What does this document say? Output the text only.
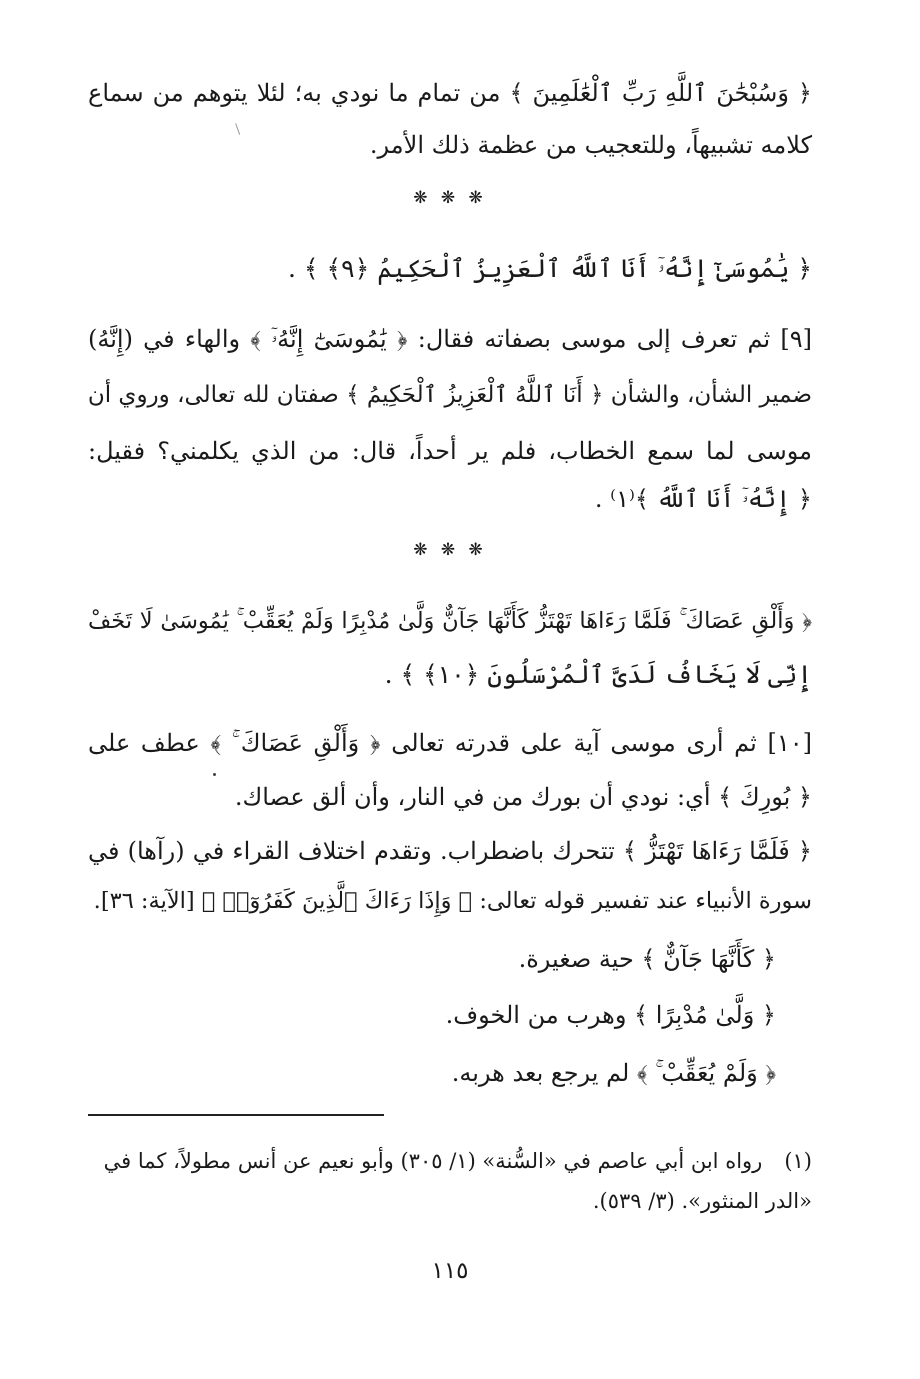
﴿ وَسُبْحَٰنَ ٱللَّهِ رَبِّ ٱلْعَٰلَمِينَ ﴾ من تمام ما نودي به؛ لئلا يتوهم من سماع
كلامه تشبيهاً، وللتعجيب من عظمة ذلك الأمر.
❋ ❋ ❋
﴿ يَٰمُوسَىٰٓ إِنَّهُۥٓ أَنَا ٱللَّهُ ٱلْعَزِيزُ ٱلْحَكِيمُ ﴿٩﴾ ﴾ .
[٩] ثم تعرف إلى موسى بصفاته فقال: ﴿ يَٰمُوسَىٰٓ إِنَّهُۥٓ ﴾ والهاء في (إِنَّهُ)
ضمير الشأن، والشأن ﴿ أَنَا ٱللَّهُ ٱلْعَزِيزُ ٱلْحَكِيمُ ﴾ صفتان لله تعالى، وروي أن
موسى لما سمع الخطاب، فلم ير أحداً، قال: من الذي يكلمني؟ فقيل:
﴿ إِنَّهُۥٓ أَنَا ٱللَّهُ ﴾⁽١⁾ .
❋ ❋ ❋
﴿ وَأَلْقِ عَصَاكَ ۚ فَلَمَّا رَءَاهَا تَهْتَزُّ كَأَنَّهَا جَآنٌّ وَلَّىٰ مُدْبِرًا وَلَمْ يُعَقِّبْ ۚ يَٰمُوسَىٰ لَا تَخَفْ
إِنِّى لَا يَخَافُ لَدَىَّ ٱلْمُرْسَلُونَ ﴿١٠﴾ ﴾ .
[١٠] ثم أرى موسى آية على قدرته تعالى ﴿ وَأَلْقِ عَصَاكَ ۚ ﴾ عطف على
﴿ بُورِكَ ﴾ أي: نودي أن بورك من في النار، وأن ألق عصاك.
﴿ فَلَمَّا رَءَاهَا تَهْتَزُّ ﴾ تتحرك باضطراب. وتقدم اختلاف القراء في (رآها) في
سورة الأنبياء عند تفسير قوله تعالى: ﴿ وَإِذَا رَءَاكَ ٱلَّذِينَ كَفَرُوٓا۟ ﴾ [الآية: ٣٦].
﴿ كَأَنَّهَا جَآنٌّ ﴾ حية صغيرة.
﴿ وَلَّىٰ مُدْبِرًا ﴾ وهرب من الخوف.
﴿ وَلَمْ يُعَقِّبْ ۚ ﴾ لم يرجع بعد هربه.
(١)رواه ابن أبي عاصم في «السُّنة» (١/ ٣٠٥) وأبو نعيم عن أنس مطولاً، كما في
«الدر المنثور». (٣/ ٥٣٩).
١١٥
